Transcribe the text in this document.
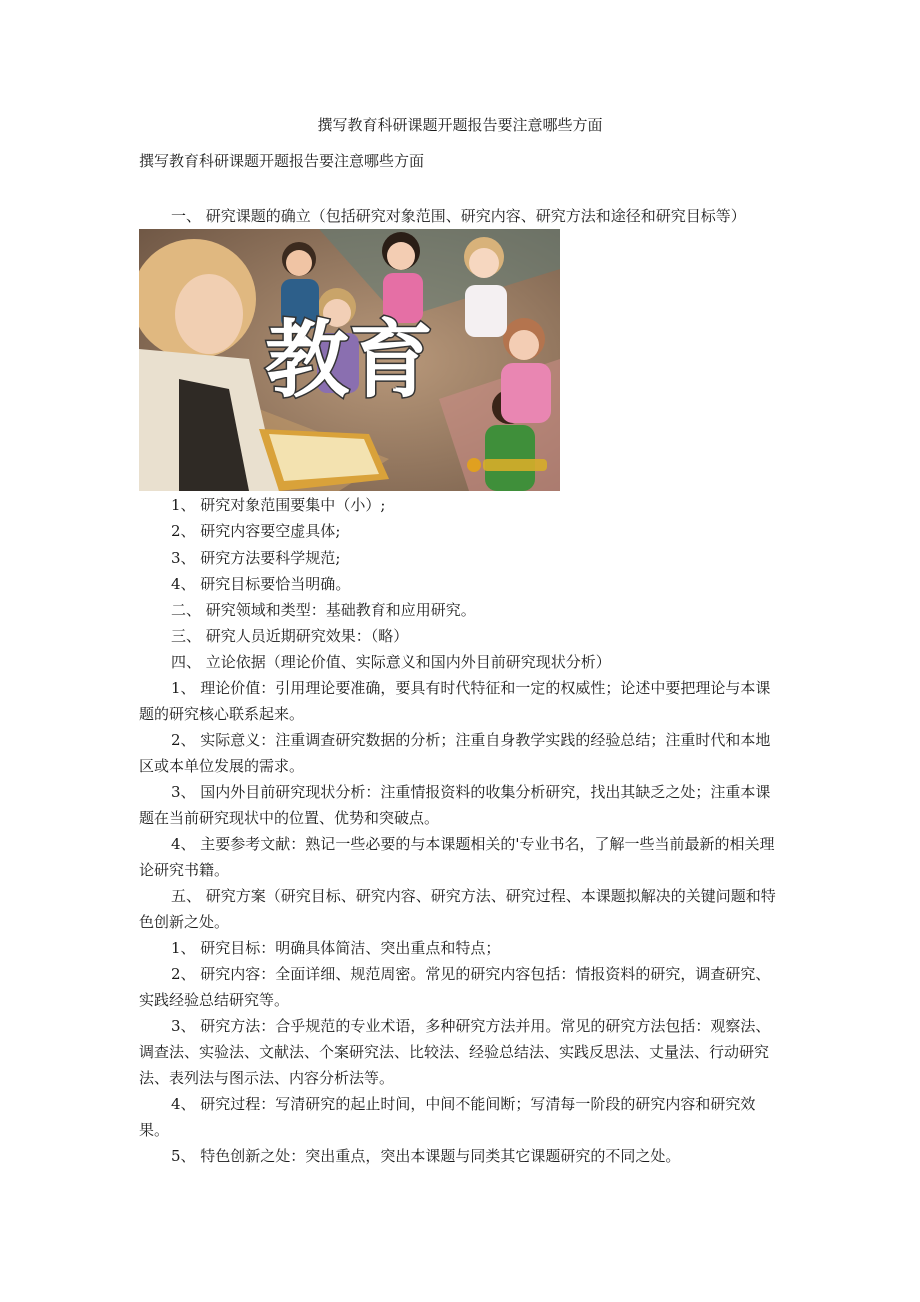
撰写教育科研课题开题报告要注意哪些方面
撰写教育科研课题开题报告要注意哪些方面
一、 研究课题的确立（包括研究对象范围、研究内容、研究方法和途径和研究目标等）
教育
1、 研究对象范围要集中（小）;
2、 研究内容要空虚具体;
3、 研究方法要科学规范;
4、 研究目标要恰当明确。
二、 研究领域和类型：基础教育和应用研究。
三、 研究人员近期研究效果：（略）
四、 立论依据（理论价值、实际意义和国内外目前研究现状分析）
1、 理论价值：引用理论要准确，要具有时代特征和一定的权威性；论述中要把理论与本课题的研究核心联系起来。
2、 实际意义：注重调查研究数据的分析；注重自身教学实践的经验总结；注重时代和本地区或本单位发展的需求。
3、 国内外目前研究现状分析：注重情报资料的收集分析研究，找出其缺乏之处；注重本课题在当前研究现状中的位置、优势和突破点。
4、 主要参考文献：熟记一些必要的与本课题相关的'专业书名，了解一些当前最新的相关理论研究书籍。
五、 研究方案（研究目标、研究内容、研究方法、研究过程、本课题拟解决的关键问题和特色创新之处。
1、 研究目标：明确具体简洁、突出重点和特点；
2、 研究内容：全面详细、规范周密。常见的研究内容包括：情报资料的研究，调查研究、实践经验总结研究等。
3、 研究方法：合乎规范的专业术语，多种研究方法并用。常见的研究方法包括：观察法、调查法、实验法、文献法、个案研究法、比较法、经验总结法、实践反思法、丈量法、行动研究法、表列法与图示法、内容分析法等。
4、 研究过程：写清研究的起止时间，中间不能间断；写清每一阶段的研究内容和研究效果。
5、 特色创新之处：突出重点，突出本课题与同类其它课题研究的不同之处。
